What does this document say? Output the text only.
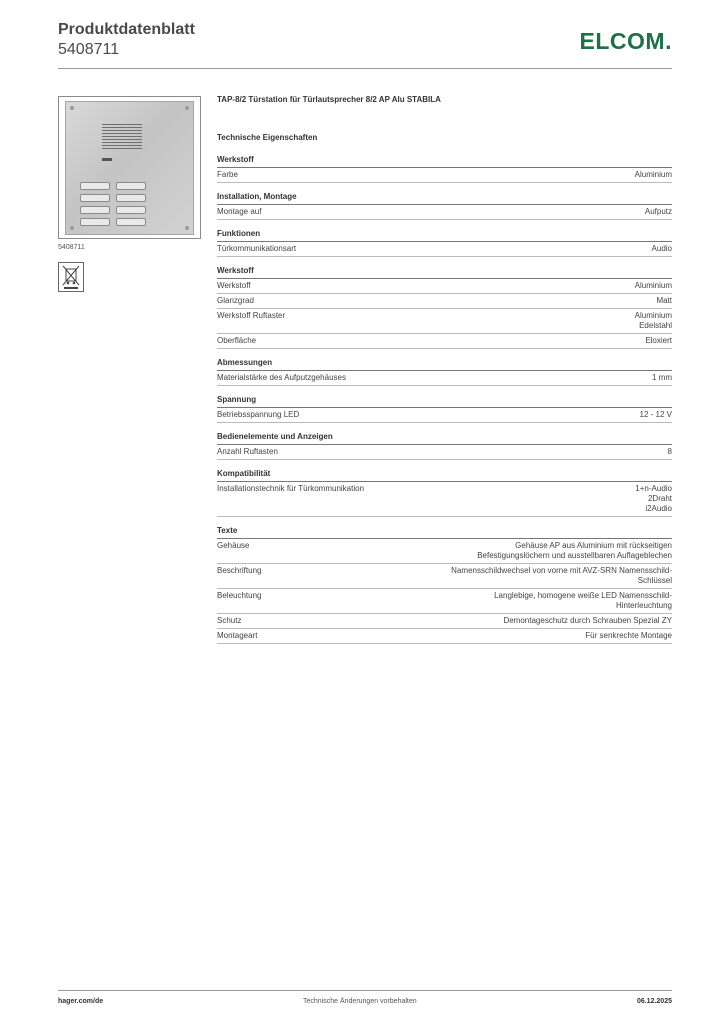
Produktdatenblatt
5408711	ELCOM.
5408711
TAP-8/2 Türstation für Türlautsprecher 8/2 AP Alu STABILA
Technische Eigenschaften
Werkstoff
Farbe	Aluminium
Installation, Montage
Montage auf	Aufputz
Funktionen
Türkommunikationsart	Audio
Werkstoff
Werkstoff	Aluminium
Glanzgrad	Matt
Werkstoff Ruftaster	Aluminium
Edelstahl
Oberfläche	Eloxiert
Abmessungen
Materialstärke des Aufputzgehäuses	1 mm
Spannung
Betriebsspannung LED	12 - 12 V
Bedienelemente und Anzeigen
Anzahl Ruftasten	8
Kompatibilität
Installationstechnik für Türkommunikation	1+n-Audio
2Draht
i2Audio
Texte
Gehäuse	Gehäuse AP aus Aluminium mit rückseitigen
Befestigungslöchern und ausstellbaren Auflageblechen
Beschriftung	Namensschildwechsel von vorne mit AVZ-SRN Namensschild-
Schlüssel
Beleuchtung	Langlebige, homogene weiße LED Namensschild-
Hinterleuchtung
Schutz	Demontageschutz durch Schrauben Spezial ZY
Montageart	Für senkrechte Montage
hager.com/de	Technische Änderungen vorbehalten	06.12.2025
